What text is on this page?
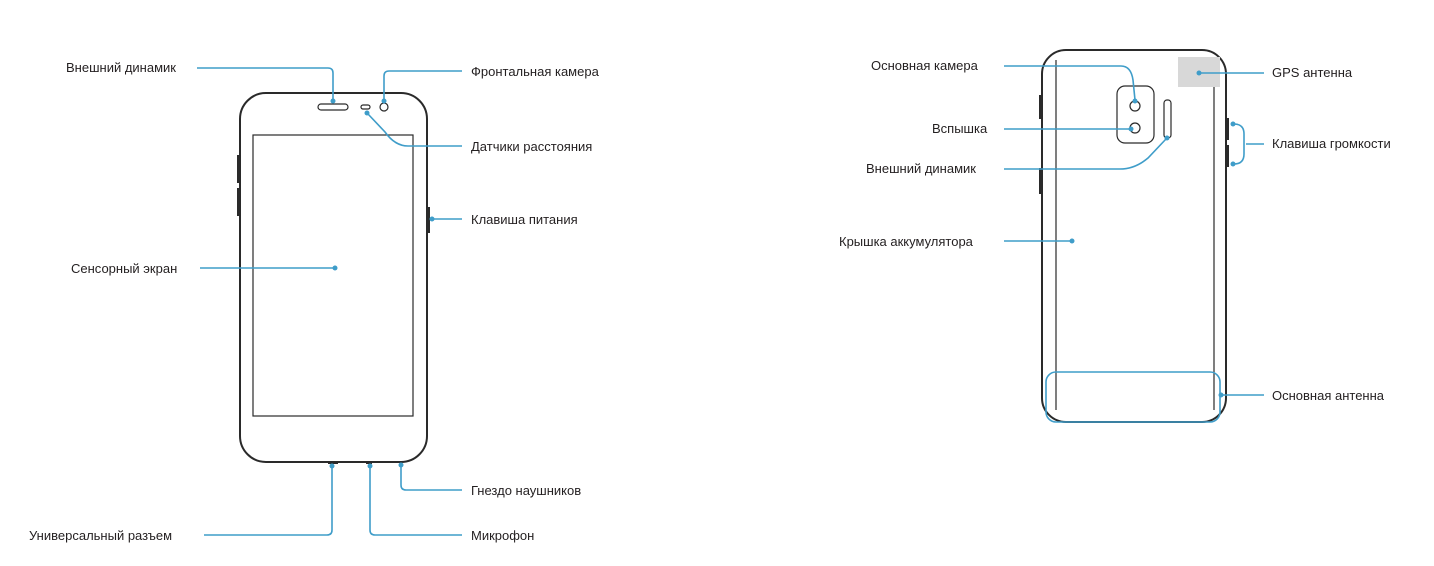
Внешний динамик	Фронтальная камера
Датчики расстояния
Клавиша питания
Сенсорный экран
Гнездо наушников
Универсальный разъем	Микрофон
Основная камера	GPS антенна
Вспышка
Клавиша громкости
Внешний динамик
Крышка аккумулятора
Основная антенна
